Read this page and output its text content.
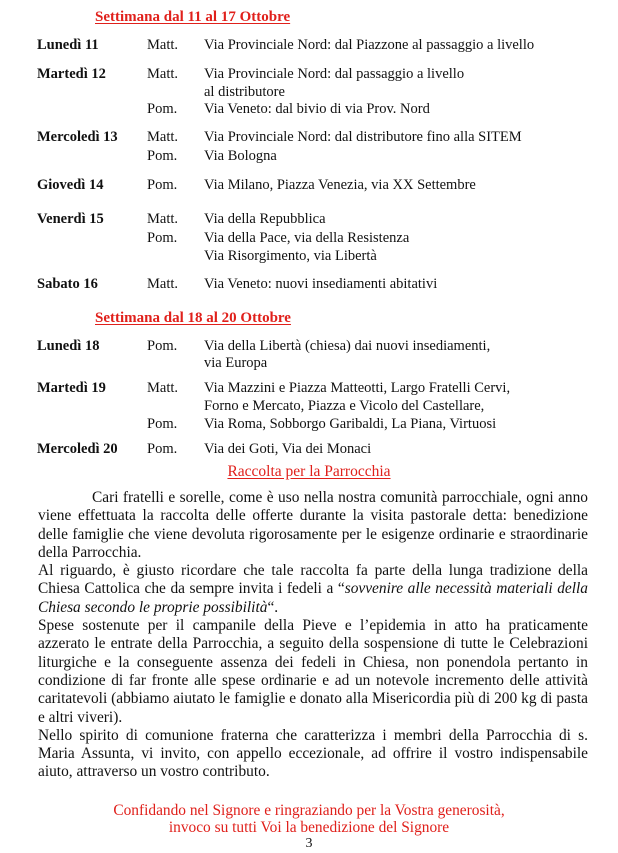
Settimana dal 11 al 17 Ottobre
Lunedì 11	Matt. Via Provinciale Nord: dal Piazzone al passaggio a livello
Martedì 12	Matt. Via Provinciale Nord: dal passaggio a livello
al distributore
Pom. Via Veneto: dal bivio di via Prov. Nord
Mercoledì 13 Matt. Via Provinciale Nord: dal distributore fino alla SITEM
Pom. Via Bologna
Giovedì 14	Pom. Via Milano, Piazza Venezia, via XX Settembre
Venerdì 15	Matt. Via della Repubblica
Pom. Via della Pace, via della Resistenza
Via Risorgimento, via Libertà
Sabato 16	Matt. Via Veneto: nuovi insediamenti abitativi
Settimana dal 18 al 20 Ottobre
Lunedì 18	Pom. Via della Libertà (chiesa) dai nuovi insediamenti,
via Europa
Martedì 19	Matt. Via Mazzini e Piazza Matteotti, Largo Fratelli Cervi,
Forno e Mercato, Piazza e Vicolo del Castellare,
Pom. Via Roma, Sobborgo Garibaldi, La Piana, Virtuosi
Mercoledì 20 Pom. Via dei Goti, Via dei Monaci
Raccolta per la Parrocchia

Cari fratelli e sorelle, come è uso nella nostra comunità parrocchiale, ogni anno viene effettuata la raccolta delle offerte durante la visita pastorale detta: benedizione delle famiglie che viene devoluta rigorosamente per le esigenze ordinarie e straordinarie della Parrocchia.

Al riguardo, è giusto ricordare che tale raccolta fa parte della lunga tradizione della Chiesa Cattolica che da sempre invita i fedeli a “sovvenire alle necessità materiali della Chiesa secondo le proprie possibilità“.

Spese sostenute per il campanile della Pieve e l’epidemia in atto ha praticamente azzerato le entrate della Parrocchia, a seguito della sospensione di tutte le Celebrazioni liturgiche e la conseguente assenza dei fedeli in Chiesa, non ponendola pertanto in condizione di far fronte alle spese ordinarie e ad un notevole incremento delle attività caritatevoli (abbiamo aiutato le famiglie e donato alla Misericordia più di 200 kg di pasta e altri viveri).

Nello spirito di comunione fraterna che caratterizza i membri della Parrocchia di s. Maria Assunta, vi invito, con appello eccezionale, ad offrire il vostro indispensabile aiuto, attraverso un vostro contributo.

Confidando nel Signore e ringraziando per la Vostra generosità,
invoco su tutti Voi la benedizione del Signore
3
